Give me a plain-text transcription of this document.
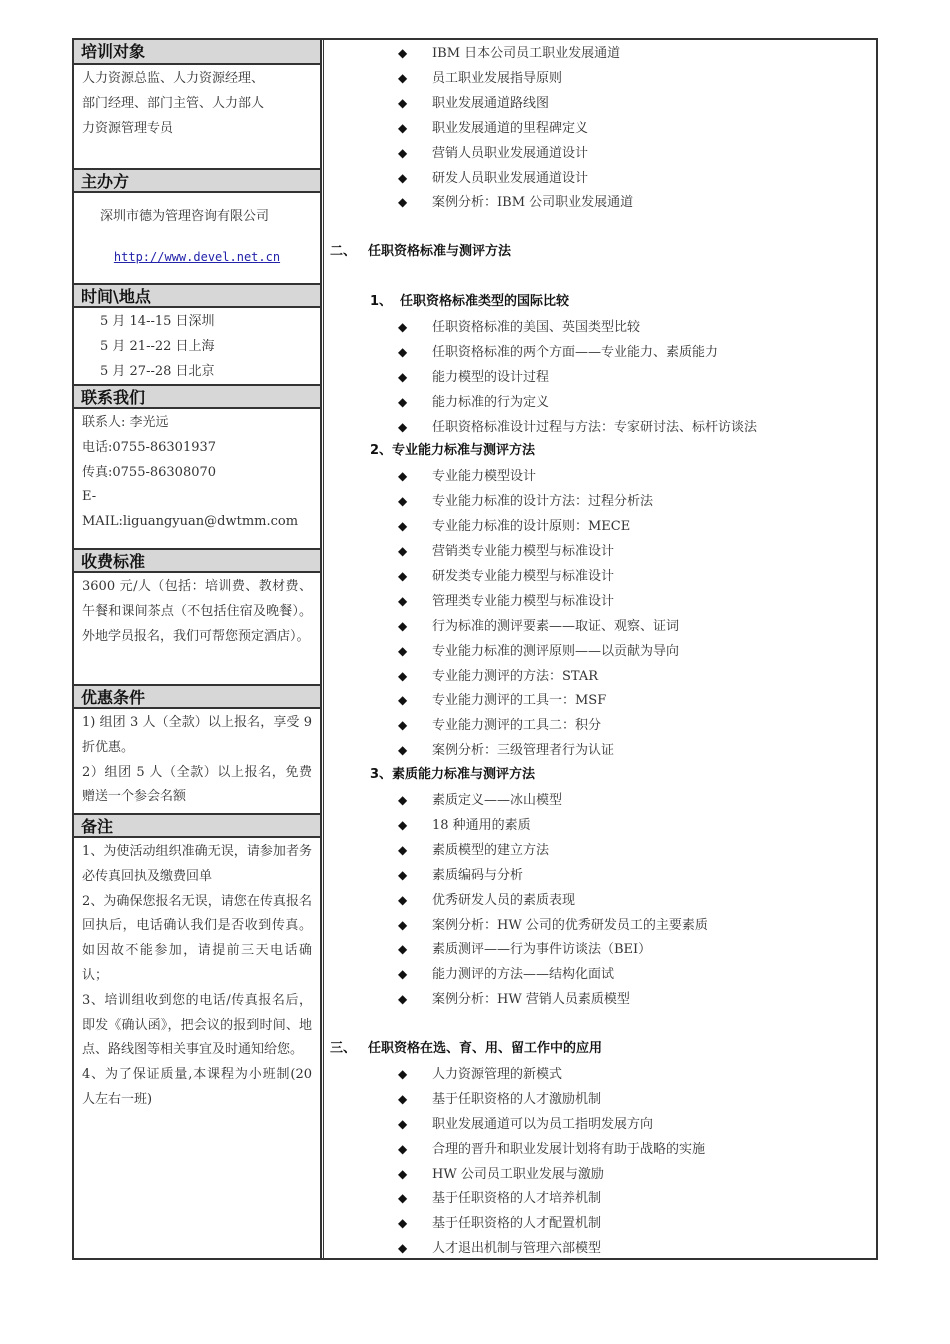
培训对象

人力资源总监、人力资源经理、

部门经理、部门主管、人力部人

力资源管理专员

主办方

深圳市德为管理咨询有限公司

http://www.devel.net.cn

时间\地点

5 月 14--15 日深圳

5 月 21--22 日上海

5 月 27--28 日北京

联系我们

联系人: 李光远

电话:0755-86301937

传真:0755-86308070

E-MAIL:liguangyuan@dwtmm.com

收费标准

3600 元/人（包括：培训费、教材费、午餐和课间茶点（不包括住宿及晚餐）。外地学员报名，我们可帮您预定酒店）。

优惠条件

1) 组团 3 人（全款）以上报名，享受 9 折优惠。

2）组团 5 人（全款）以上报名，免费赠送一个参会名额

备注

1、为使活动组织准确无误，请参加者务必传真回执及缴费回单

2、为确保您报名无误，请您在传真报名回执后，电话确认我们是否收到传真。如因故不能参加，请提前三天电话确认；

3、培训组收到您的电话/传真报名后，即发《确认函》，把会议的报到时间、地点、路线图等相关事宜及时通知给您。

4、为了保证质量,本课程为小班制(20 人左右一班)

◆ IBM 日本公司员工职业发展通道
◆ 员工职业发展指导原则
◆ 职业发展通道路线图
◆ 职业发展通道的里程碑定义
◆ 营销人员职业发展通道设计
◆ 研发人员职业发展通道设计
◆ 案例分析：IBM 公司职业发展通道
二、 任职资格标准与测评方法
1、 任职资格标准类型的国际比较
◆ 任职资格标准的美国、英国类型比较
◆ 任职资格标准的两个方面——专业能力、素质能力
◆ 能力模型的设计过程
◆ 能力标准的行为定义
◆ 任职资格标准设计过程与方法：专家研讨法、标杆访谈法
2、专业能力标准与测评方法
◆ 专业能力模型设计
◆ 专业能力标准的设计方法：过程分析法
◆ 专业能力标准的设计原则：MECE
◆ 营销类专业能力模型与标准设计
◆ 研发类专业能力模型与标准设计
◆ 管理类专业能力模型与标准设计
◆ 行为标准的测评要素——取证、观察、证词
◆ 专业能力标准的测评原则——以贡献为导向
◆ 专业能力测评的方法：STAR
◆ 专业能力测评的工具一：MSF
◆ 专业能力测评的工具二：积分
◆ 案例分析：三级管理者行为认证
3、素质能力标准与测评方法
◆ 素质定义——冰山模型
◆ 18 种通用的素质
◆ 素质模型的建立方法
◆ 素质编码与分析
◆ 优秀研发人员的素质表现
◆ 案例分析：HW 公司的优秀研发员工的主要素质
◆ 素质测评——行为事件访谈法（BEI）
◆ 能力测评的方法——结构化面试
◆ 案例分析：HW 营销人员素质模型
三、 任职资格在选、育、用、留工作中的应用
◆ 人力资源管理的新模式
◆ 基于任职资格的人才激励机制
◆ 职业发展通道可以为员工指明发展方向
◆ 合理的晋升和职业发展计划将有助于战略的实施
◆ HW 公司员工职业发展与激励
◆ 基于任职资格的人才培养机制
◆ 基于任职资格的人才配置机制
◆ 人才退出机制与管理六部模型
